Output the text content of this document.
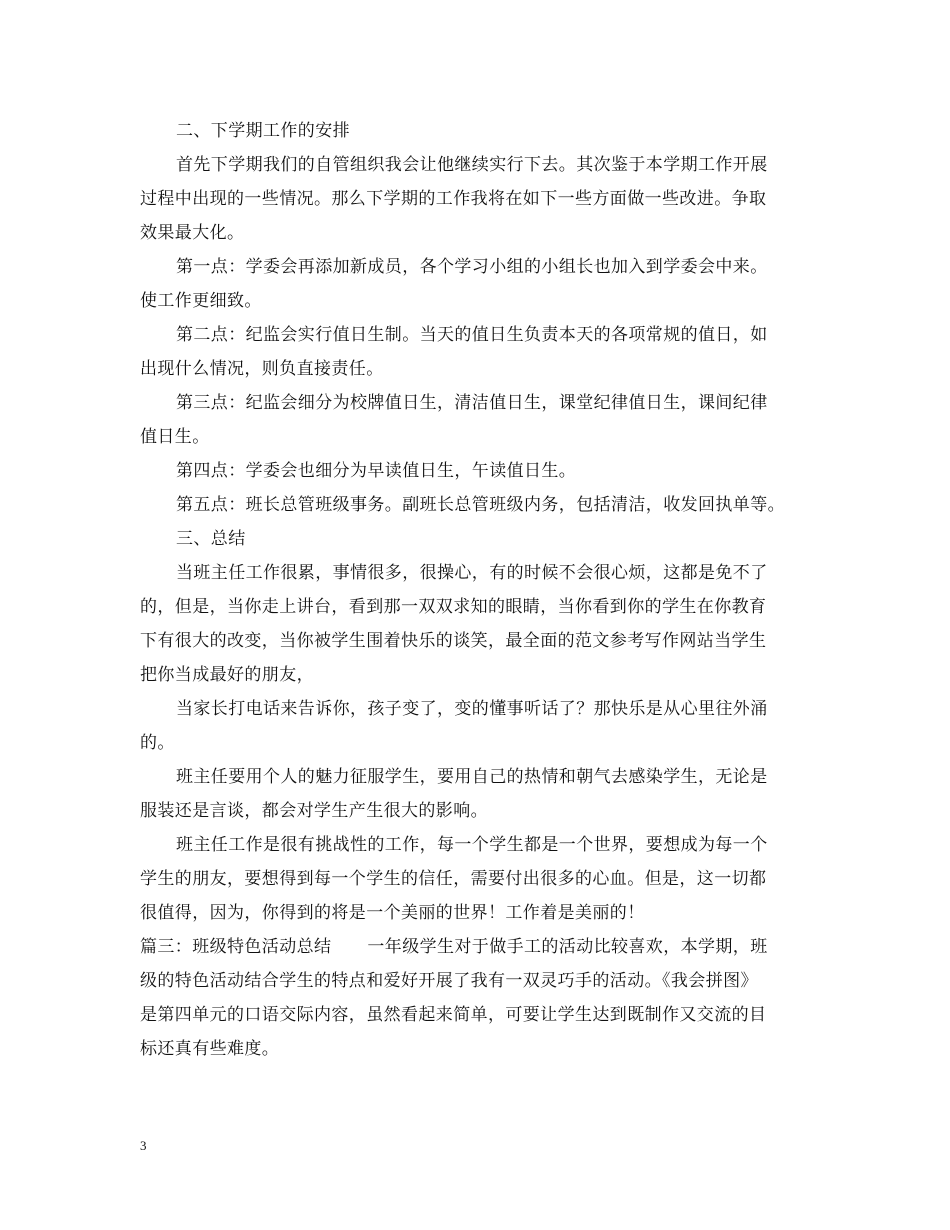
二、下学期工作的安排
首先下学期我们的自管组织我会让他继续实行下去。其次鉴于本学期工作开展
过程中出现的一些情况。那么下学期的工作我将在如下一些方面做一些改进。争取
效果最大化。
第一点：学委会再添加新成员，各个学习小组的小组长也加入到学委会中来。
使工作更细致。
第二点：纪监会实行值日生制。当天的值日生负责本天的各项常规的值日，如
出现什么情况，则负直接责任。
第三点：纪监会细分为校牌值日生，清洁值日生，课堂纪律值日生，课间纪律
值日生。
第四点：学委会也细分为早读值日生，午读值日生。
第五点：班长总管班级事务。副班长总管班级内务，包括清洁，收发回执单等。
三、总结
当班主任工作很累，事情很多，很操心，有的时候不会很心烦，这都是免不了
的，但是，当你走上讲台，看到那一双双求知的眼睛，当你看到你的学生在你教育
下有很大的改变，当你被学生围着快乐的谈笑，最全面的范文参考写作网站当学生
把你当成最好的朋友，
当家长打电话来告诉你，孩子变了，变的懂事听话了？那快乐是从心里往外涌
的。
班主任要用个人的魅力征服学生，要用自己的热情和朝气去感染学生，无论是
服装还是言谈，都会对学生产生很大的影响。
班主任工作是很有挑战性的工作，每一个学生都是一个世界，要想成为每一个
学生的朋友，要想得到每一个学生的信任，需要付出很多的心血。但是，这一切都
很值得，因为，你得到的将是一个美丽的世界！工作着是美丽的！
篇三：班级特色活动总结 一年级学生对于做手工的活动比较喜欢，本学期，班
级的特色活动结合学生的特点和爱好开展了我有一双灵巧手的活动。《我会拼图》
是第四单元的口语交际内容，虽然看起来简单，可要让学生达到既制作又交流的目
标还真有些难度。
3
